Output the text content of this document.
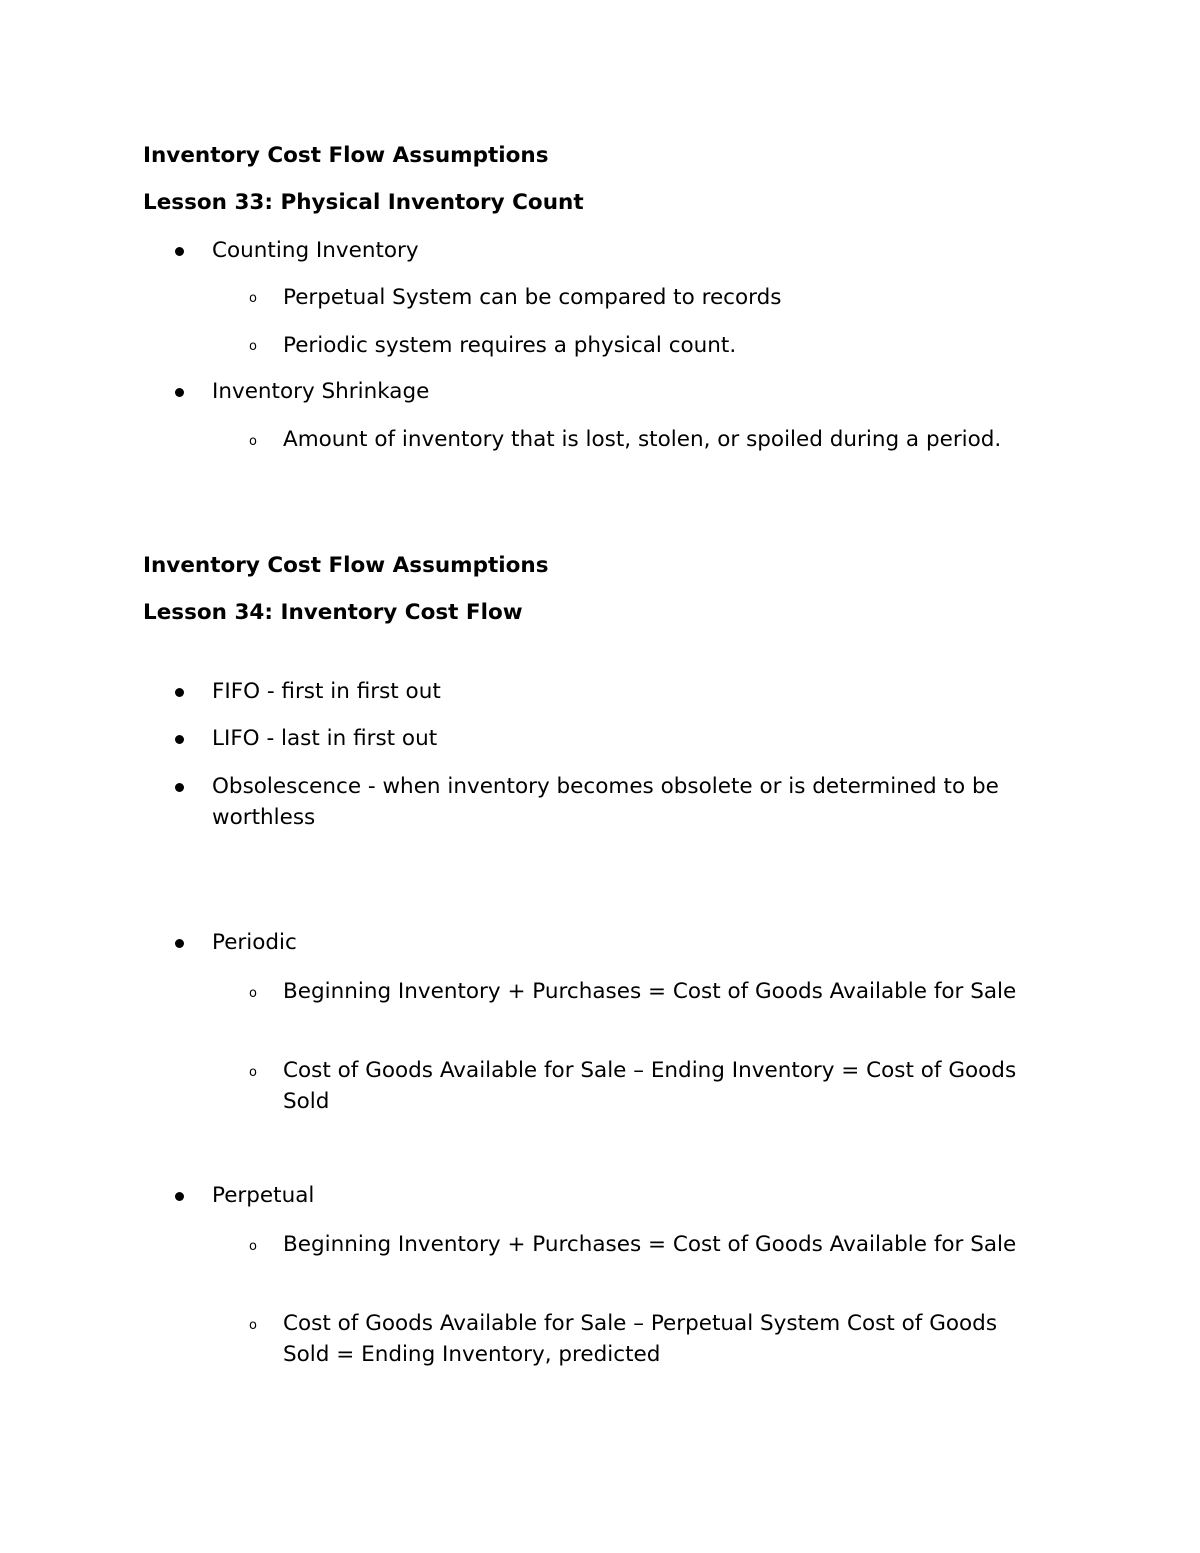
Inventory Cost Flow Assumptions
Lesson 33: Physical Inventory Count
Counting Inventory
o Perpetual System can be compared to records
o Periodic system requires a physical count.
Inventory Shrinkage
o Amount of inventory that is lost, stolen, or spoiled during a period.
Inventory Cost Flow Assumptions
Lesson 34: Inventory Cost Flow
FIFO - first in first out
LIFO - last in first out
Obsolescence - when inventory becomes obsolete or is determined to be worthless
Periodic
o Beginning Inventory + Purchases = Cost of Goods Available for Sale
o Cost of Goods Available for Sale – Ending Inventory = Cost of Goods Sold
Perpetual
o Beginning Inventory + Purchases = Cost of Goods Available for Sale
o Cost of Goods Available for Sale – Perpetual System Cost of Goods Sold = Ending Inventory, predicted
